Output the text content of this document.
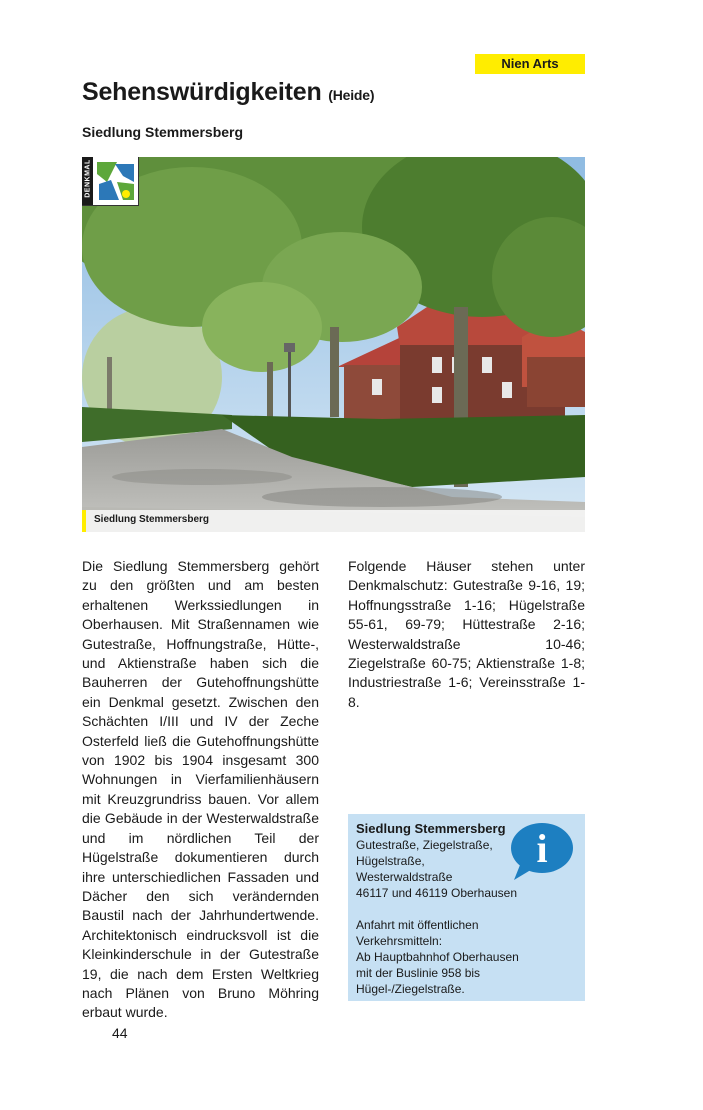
Nien Arts
Sehenswürdigkeiten (Heide)
Siedlung Stemmersberg
DENKMAL
Siedlung Stemmersberg
Die Siedlung Stemmersberg gehört zu den größten und am besten erhaltenen Werkssiedlungen in Oberhausen. Mit Straßennamen wie Gutestraße, Hoffnungstraße, Hütte-, und Aktienstraße haben sich die Bauherren der Gutehoffnungshütte ein Denkmal gesetzt. Zwischen den Schächten I/III und IV der Zeche Osterfeld ließ die Gutehoffnungshütte von 1902 bis 1904 insgesamt 300 Wohnungen in Vierfamilienhäusern mit Kreuzgrundriss bauen. Vor allem die Gebäude in der Westerwaldstraße und im nördlichen Teil der Hügelstraße dokumentieren durch ihre unterschiedlichen Fassaden und Dächer den sich verändernden Baustil nach der Jahrhundertwende. Architektonisch eindrucksvoll ist die Kleinkinderschule in der Gutestraße 19, die nach dem Ersten Weltkrieg nach Plänen von Bruno Möhring erbaut wurde.
Folgende Häuser stehen unter Denkmalschutz: Gutestraße 9-16, 19; Hoffnungsstraße 1-16; Hügelstraße 55-61, 69-79; Hüttestraße 2-16; Westerwaldstraße 10-46; Ziegelstraße 60-75; Aktienstraße 1-8; Industriestraße 1-6; Vereinsstraße 1-8.
i
Siedlung Stemmersberg
Gutestraße, Ziegelstraße,
Hügelstraße,
Westerwaldstraße
46117 und 46119 Oberhausen
Anfahrt mit öffentlichen
Verkehrsmitteln:
Ab Hauptbahnhof Oberhausen
mit der Buslinie 958 bis
Hügel-/Ziegelstraße.
44
